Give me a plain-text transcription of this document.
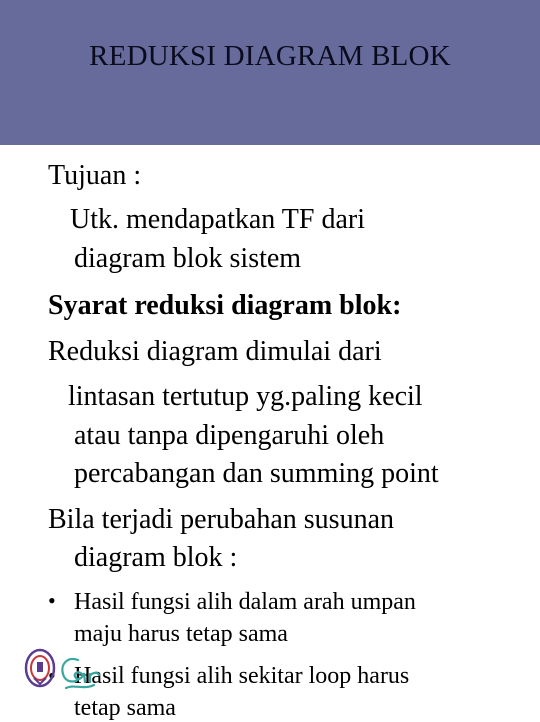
REDUKSI DIAGRAM BLOK
Tujuan :
Utk. mendapatkan TF dari
diagram blok sistem
Syarat reduksi diagram blok:
Reduksi diagram dimulai dari
lintasan tertutup yg.paling kecil
atau tanpa dipengaruhi oleh
percabangan dan summing point
Bila terjadi perubahan susunan
diagram blok :
• Hasil fungsi alih dalam arah umpan
maju harus tetap sama
• Hasil fungsi alih sekitar loop harus
tetap sama
